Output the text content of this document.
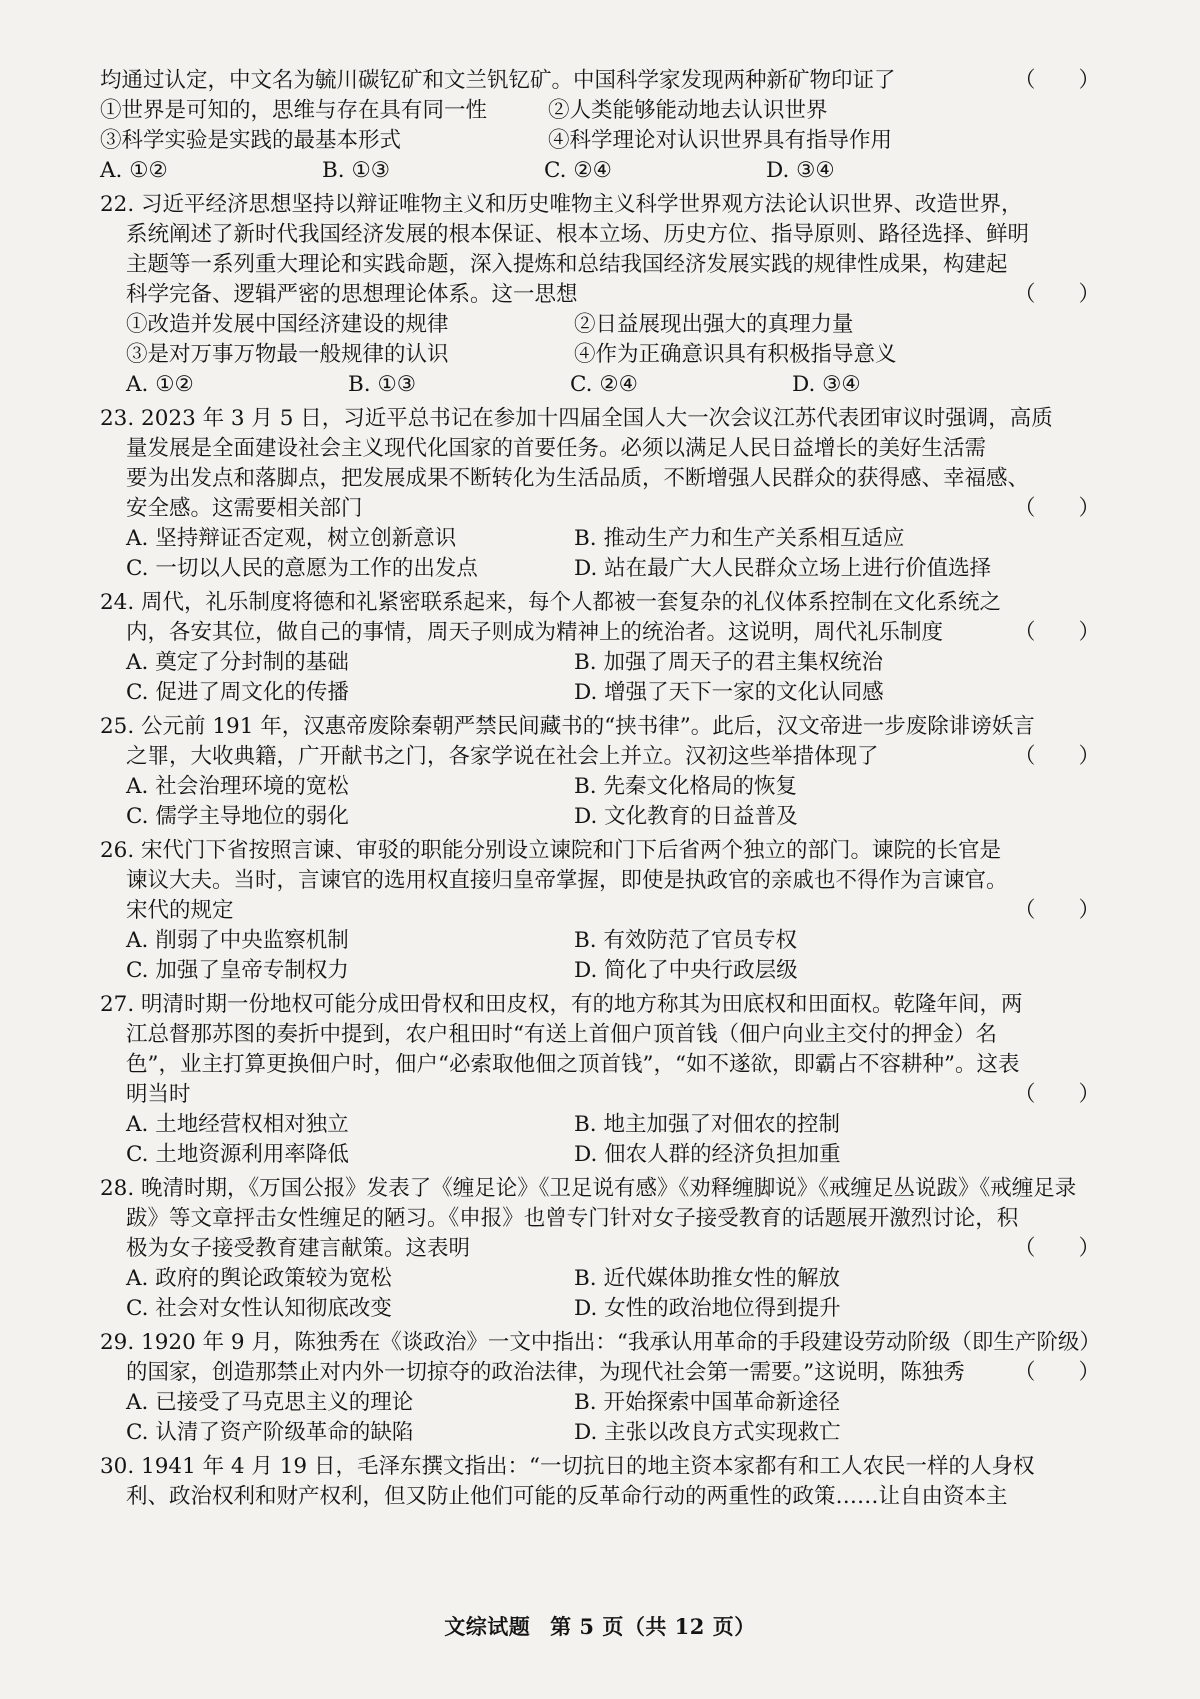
均通过认定，中文名为毓川碳钇矿和文兰钒钇矿。中国科学家发现两种新矿物印证了	（　　）
①世界是可知的，思维与存在具有同一性	②人类能够能动地去认识世界
③科学实验是实践的最基本形式	④科学理论对认识世界具有指导作用
A. ①②	B. ①③	C. ②④	D. ③④
22. 习近平经济思想坚持以辩证唯物主义和历史唯物主义科学世界观方法论认识世界、改造世界，
系统阐述了新时代我国经济发展的根本保证、根本立场、历史方位、指导原则、路径选择、鲜明
主题等一系列重大理论和实践命题，深入提炼和总结我国经济发展实践的规律性成果，构建起
科学完备、逻辑严密的思想理论体系。这一思想	（　　）
①改造并发展中国经济建设的规律	②日益展现出强大的真理力量
③是对万事万物最一般规律的认识	④作为正确意识具有积极指导意义
A. ①②	B. ①③	C. ②④	D. ③④
23. 2023 年 3 月 5 日，习近平总书记在参加十四届全国人大一次会议江苏代表团审议时强调，高质
量发展是全面建设社会主义现代化国家的首要任务。必须以满足人民日益增长的美好生活需
要为出发点和落脚点，把发展成果不断转化为生活品质，不断增强人民群众的获得感、幸福感、
安全感。这需要相关部门	（　　）
A. 坚持辩证否定观，树立创新意识	B. 推动生产力和生产关系相互适应
C. 一切以人民的意愿为工作的出发点	D. 站在最广大人民群众立场上进行价值选择
24. 周代，礼乐制度将德和礼紧密联系起来，每个人都被一套复杂的礼仪体系控制在文化系统之
内，各安其位，做自己的事情，周天子则成为精神上的统治者。这说明，周代礼乐制度	（　　）
A. 奠定了分封制的基础	B. 加强了周天子的君主集权统治
C. 促进了周文化的传播	D. 增强了天下一家的文化认同感
25. 公元前 191 年，汉惠帝废除秦朝严禁民间藏书的“挟书律”。此后，汉文帝进一步废除诽谤妖言
之罪，大收典籍，广开献书之门，各家学说在社会上并立。汉初这些举措体现了	（　　）
A. 社会治理环境的宽松	B. 先秦文化格局的恢复
C. 儒学主导地位的弱化	D. 文化教育的日益普及
26. 宋代门下省按照言谏、审驳的职能分别设立谏院和门下后省两个独立的部门。谏院的长官是
谏议大夫。当时，言谏官的选用权直接归皇帝掌握，即使是执政官的亲戚也不得作为言谏官。
宋代的规定	（　　）
A. 削弱了中央监察机制	B. 有效防范了官员专权
C. 加强了皇帝专制权力	D. 简化了中央行政层级
27. 明清时期一份地权可能分成田骨权和田皮权，有的地方称其为田底权和田面权。乾隆年间，两
江总督那苏图的奏折中提到，农户租田时“有送上首佃户顶首钱（佃户向业主交付的押金）名
色”，业主打算更换佃户时，佃户“必索取他佃之顶首钱”，“如不遂欲，即霸占不容耕种”。这表
明当时	（　　）
A. 土地经营权相对独立	B. 地主加强了对佃农的控制
C. 土地资源利用率降低	D. 佃农人群的经济负担加重
28. 晚清时期，《万国公报》发表了《缠足论》《卫足说有感》《劝释缠脚说》《戒缠足丛说跋》《戒缠足录
跋》等文章抨击女性缠足的陋习。《申报》也曾专门针对女子接受教育的话题展开激烈讨论，积
极为女子接受教育建言献策。这表明	（　　）
A. 政府的舆论政策较为宽松	B. 近代媒体助推女性的解放
C. 社会对女性认知彻底改变	D. 女性的政治地位得到提升
29. 1920 年 9 月，陈独秀在《谈政治》一文中指出：“我承认用革命的手段建设劳动阶级（即生产阶级）
的国家，创造那禁止对内外一切掠夺的政治法律，为现代社会第一需要。”这说明，陈独秀 （　　）
A. 已接受了马克思主义的理论	B. 开始探索中国革命新途径
C. 认清了资产阶级革命的缺陷	D. 主张以改良方式实现救亡
30. 1941 年 4 月 19 日，毛泽东撰文指出：“一切抗日的地主资本家都有和工人农民一样的人身权
利、政治权利和财产权利，但又防止他们可能的反革命行动的两重性的政策……让自由资本主
文综试题 第 5 页（共 12 页）
